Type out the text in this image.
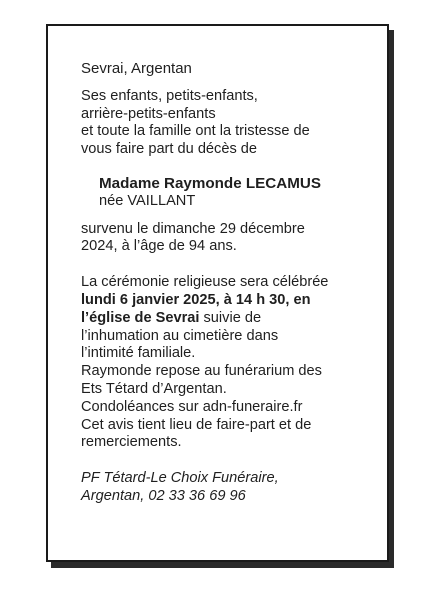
Sevrai, Argentan
Ses enfants, petits-enfants,
arrière-petits-enfants
et toute la famille ont la tristesse de
vous faire part du décès de
Madame Raymonde LECAMUS
née VAILLANT
survenu le dimanche 29 décembre
2024, à l’âge de 94 ans.
La cérémonie religieuse sera célébrée
lundi 6 janvier 2025, à 14 h 30, en
l’église de Sevrai suivie de
l’inhumation au cimetière dans
l’intimité familiale.
Raymonde repose au funérarium des
Ets Tétard d’Argentan.
Condoléances sur adn-funeraire.fr
Cet avis tient lieu de faire-part et de
remerciements.
PF Tétard-Le Choix Funéraire,
Argentan, 02 33 36 69 96
